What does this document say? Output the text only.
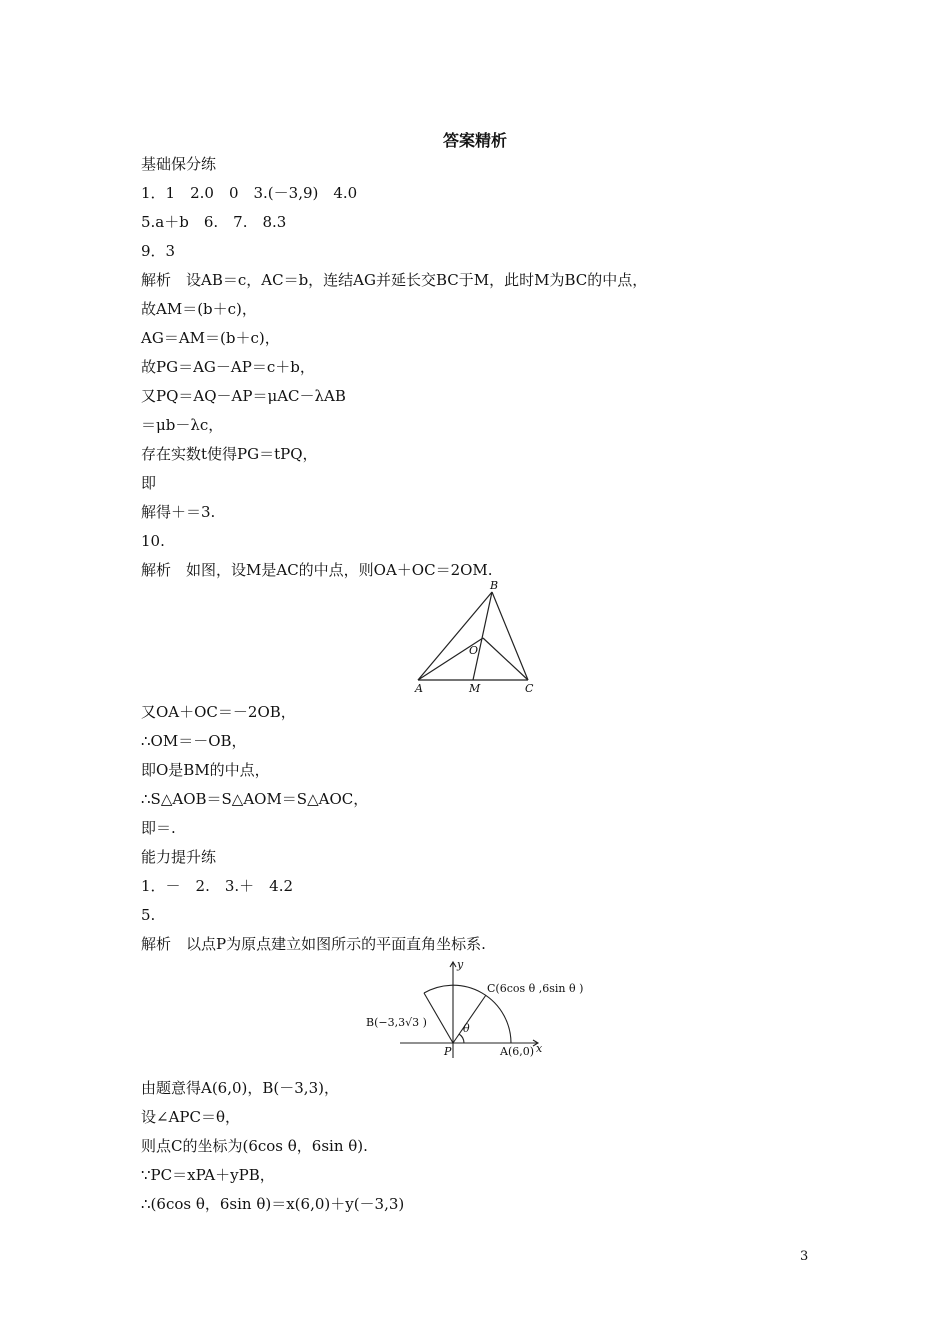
答案精析
基础保分练
1．1　2.0　0　3.(－3,9)　4.0
5.a＋b　6.　7.　8.3
9．3
解析　设AB＝c，AC＝b，连结AG并延长交BC于M，此时M为BC的中点，
故AM＝(b＋c)，
AG＝AM＝(b＋c)，
故PG＝AG－AP＝c＋b，
又PQ＝AQ－AP＝μAC－λAB
＝μb－λc，
存在实数t使得PG＝tPQ，
即
解得＋＝3.
10.
解析　如图，设M是AC的中点，则OA＋OC＝2OM.
B
O
A	M	C
又OA＋OC＝－2OB，
∴OM＝－OB，
即O是BM的中点，
∴S△AOB＝S△AOM＝S△AOC，
即＝.
能力提升练
1．－　2.　3.＋　4.2
5.
解析　以点P为原点建立如图所示的平面直角坐标系.
y
x
C(6cos θ ,6sin θ )
B(−3,3√3 )
P	A(6,0)
θ
由题意得A(6,0)，B(－3,3)，
设∠APC＝θ，
则点C的坐标为(6cos θ，6sin θ).
∵PC＝xPA＋yPB，
∴(6cos θ，6sin θ)＝x(6,0)＋y(－3,3)
3
